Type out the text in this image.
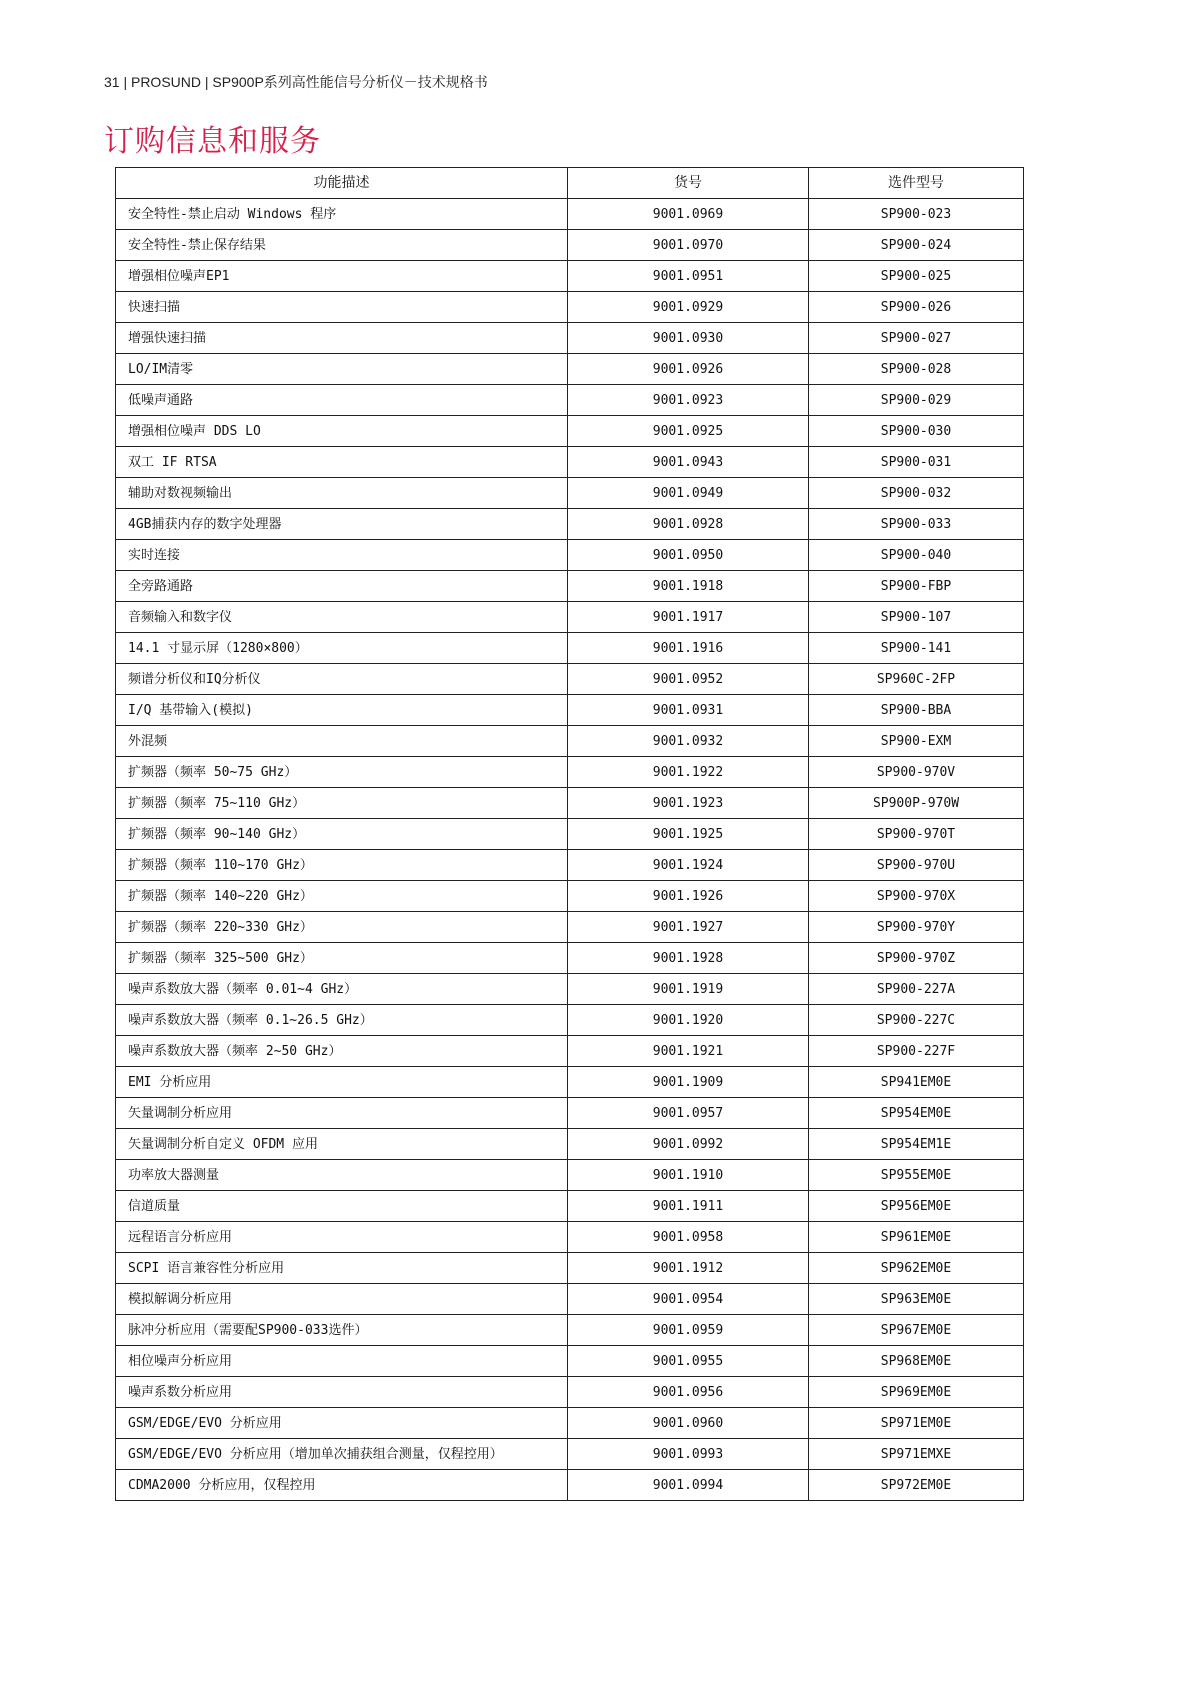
31 | PROSUND | SP900P系列高性能信号分析仪－技术规格书
订购信息和服务
功能描述	货号	选件型号
安全特性-禁止启动 Windows 程序	9001.0969	SP900-023
安全特性-禁止保存结果	9001.0970	SP900-024
增强相位噪声EP1	9001.0951	SP900-025
快速扫描	9001.0929	SP900-026
增强快速扫描	9001.0930	SP900-027
LO/IM清零	9001.0926	SP900-028
低噪声通路	9001.0923	SP900-029
增强相位噪声 DDS LO	9001.0925	SP900-030
双工 IF RTSA	9001.0943	SP900-031
辅助对数视频输出	9001.0949	SP900-032
4GB捕获内存的数字处理器	9001.0928	SP900-033
实时连接	9001.0950	SP900-040
全旁路通路	9001.1918	SP900-FBP
音频输入和数字仪	9001.1917	SP900-107
14.1 寸显示屏（1280×800）	9001.1916	SP900-141
频谱分析仪和IQ分析仪	9001.0952	SP960C-2FP
I/Q 基带输入(模拟)	9001.0931	SP900-BBA
外混频	9001.0932	SP900-EXM
扩频器（频率 50~75 GHz）	9001.1922	SP900-970V
扩频器（频率 75~110 GHz）	9001.1923	SP900P-970W
扩频器（频率 90~140 GHz）	9001.1925	SP900-970T
扩频器（频率 110~170 GHz）	9001.1924	SP900-970U
扩频器（频率 140~220 GHz）	9001.1926	SP900-970X
扩频器（频率 220~330 GHz）	9001.1927	SP900-970Y
扩频器（频率 325~500 GHz）	9001.1928	SP900-970Z
噪声系数放大器（频率 0.01~4 GHz）	9001.1919	SP900-227A
噪声系数放大器（频率 0.1~26.5 GHz）	9001.1920	SP900-227C
噪声系数放大器（频率 2~50 GHz）	9001.1921	SP900-227F
EMI 分析应用	9001.1909	SP941EM0E
矢量调制分析应用	9001.0957	SP954EM0E
矢量调制分析自定义 OFDM 应用	9001.0992	SP954EM1E
功率放大器测量	9001.1910	SP955EM0E
信道质量	9001.1911	SP956EM0E
远程语言分析应用	9001.0958	SP961EM0E
SCPI 语言兼容性分析应用	9001.1912	SP962EM0E
模拟解调分析应用	9001.0954	SP963EM0E
脉冲分析应用（需要配SP900-033选件）	9001.0959	SP967EM0E
相位噪声分析应用	9001.0955	SP968EM0E
噪声系数分析应用	9001.0956	SP969EM0E
GSM/EDGE/EVO 分析应用	9001.0960	SP971EM0E
GSM/EDGE/EVO 分析应用（增加单次捕获组合测量，仅程控用）	9001.0993	SP971EMXE
CDMA2000 分析应用，仅程控用	9001.0994	SP972EM0E
